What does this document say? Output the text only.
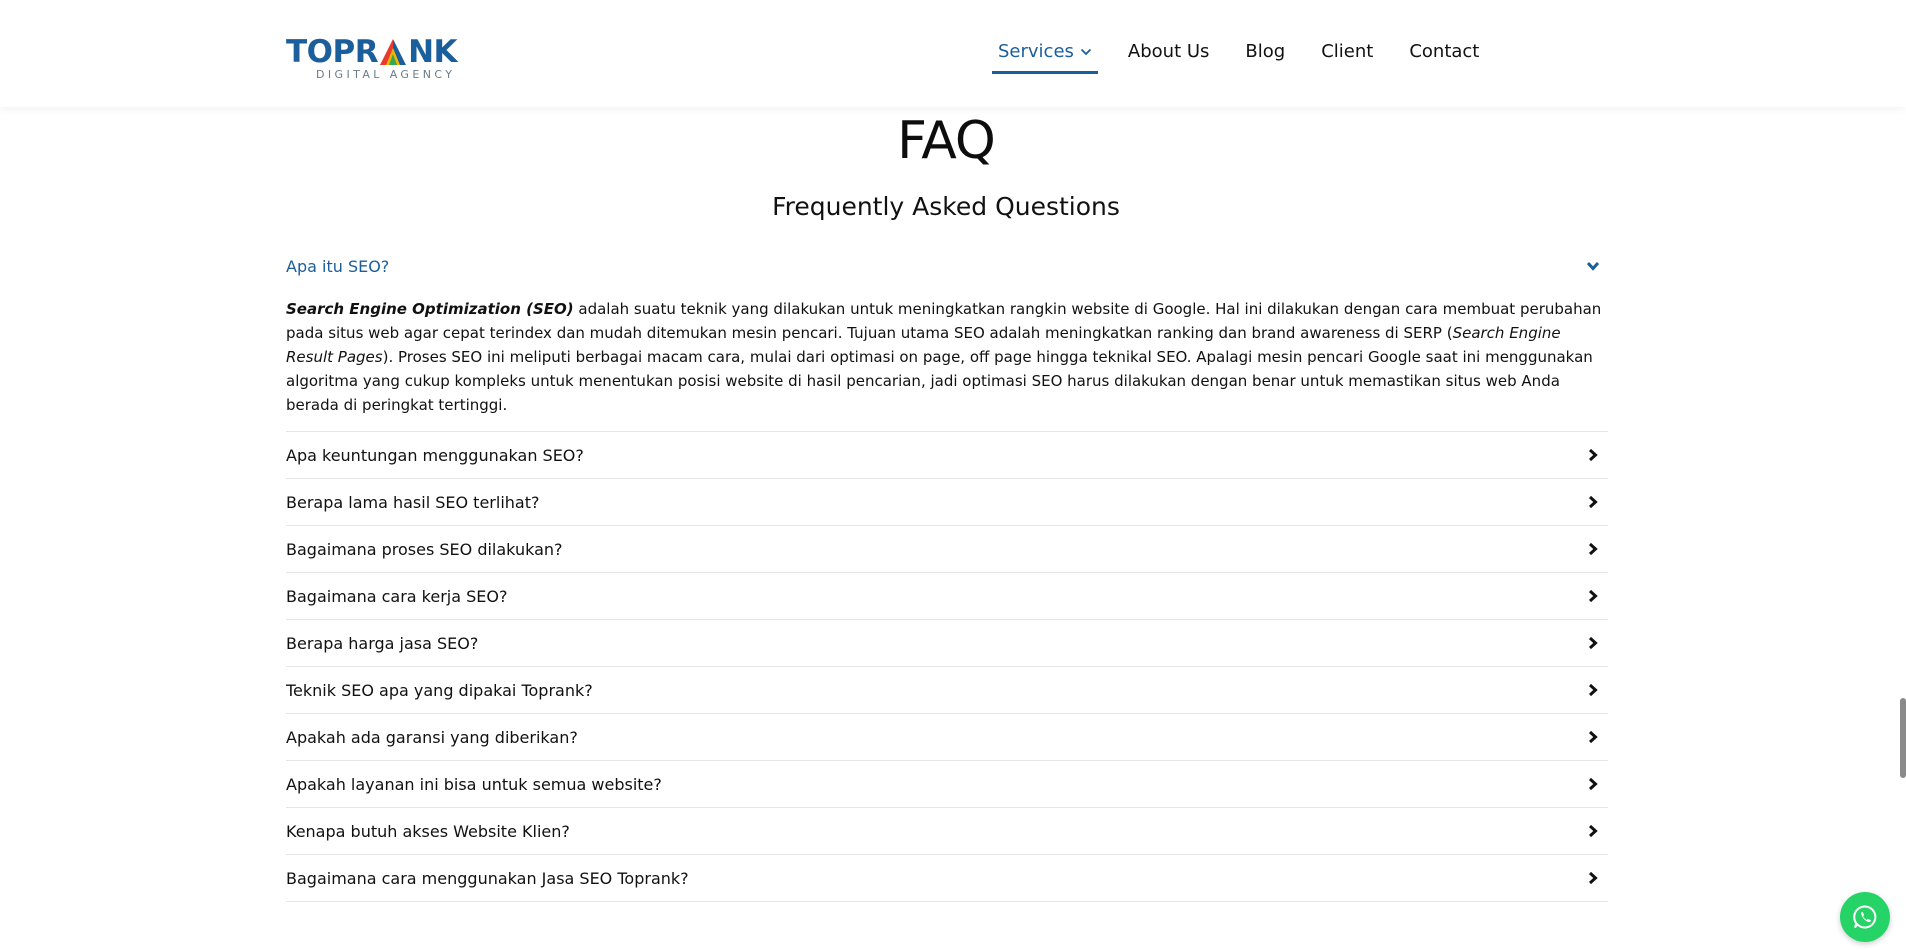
TOPR NK
DIGITAL AGENCY
Services	About Us	Blog	Client	Contact
FAQ
Frequently Asked Questions
Apa itu SEO?
Search Engine Optimization (SEO) adalah suatu teknik yang dilakukan untuk meningkatkan rangkin website di Google. Hal ini dilakukan dengan cara membuat perubahan pada situs web agar cepat terindex dan mudah ditemukan mesin pencari. Tujuan utama SEO adalah meningkatkan ranking dan brand awareness di SERP (Search Engine Result Pages). Proses SEO ini meliputi berbagai macam cara, mulai dari optimasi on page, off page hingga teknikal SEO. Apalagi mesin pencari Google saat ini menggunakan algoritma yang cukup kompleks untuk menentukan posisi website di hasil pencarian, jadi optimasi SEO harus dilakukan dengan benar untuk memastikan situs web Anda berada di peringkat tertinggi.
Apa keuntungan menggunakan SEO?
Berapa lama hasil SEO terlihat?
Bagaimana proses SEO dilakukan?
Bagaimana cara kerja SEO?
Berapa harga jasa SEO?
Teknik SEO apa yang dipakai Toprank?
Apakah ada garansi yang diberikan?
Apakah layanan ini bisa untuk semua website?
Kenapa butuh akses Website Klien?
Bagaimana cara menggunakan Jasa SEO Toprank?
